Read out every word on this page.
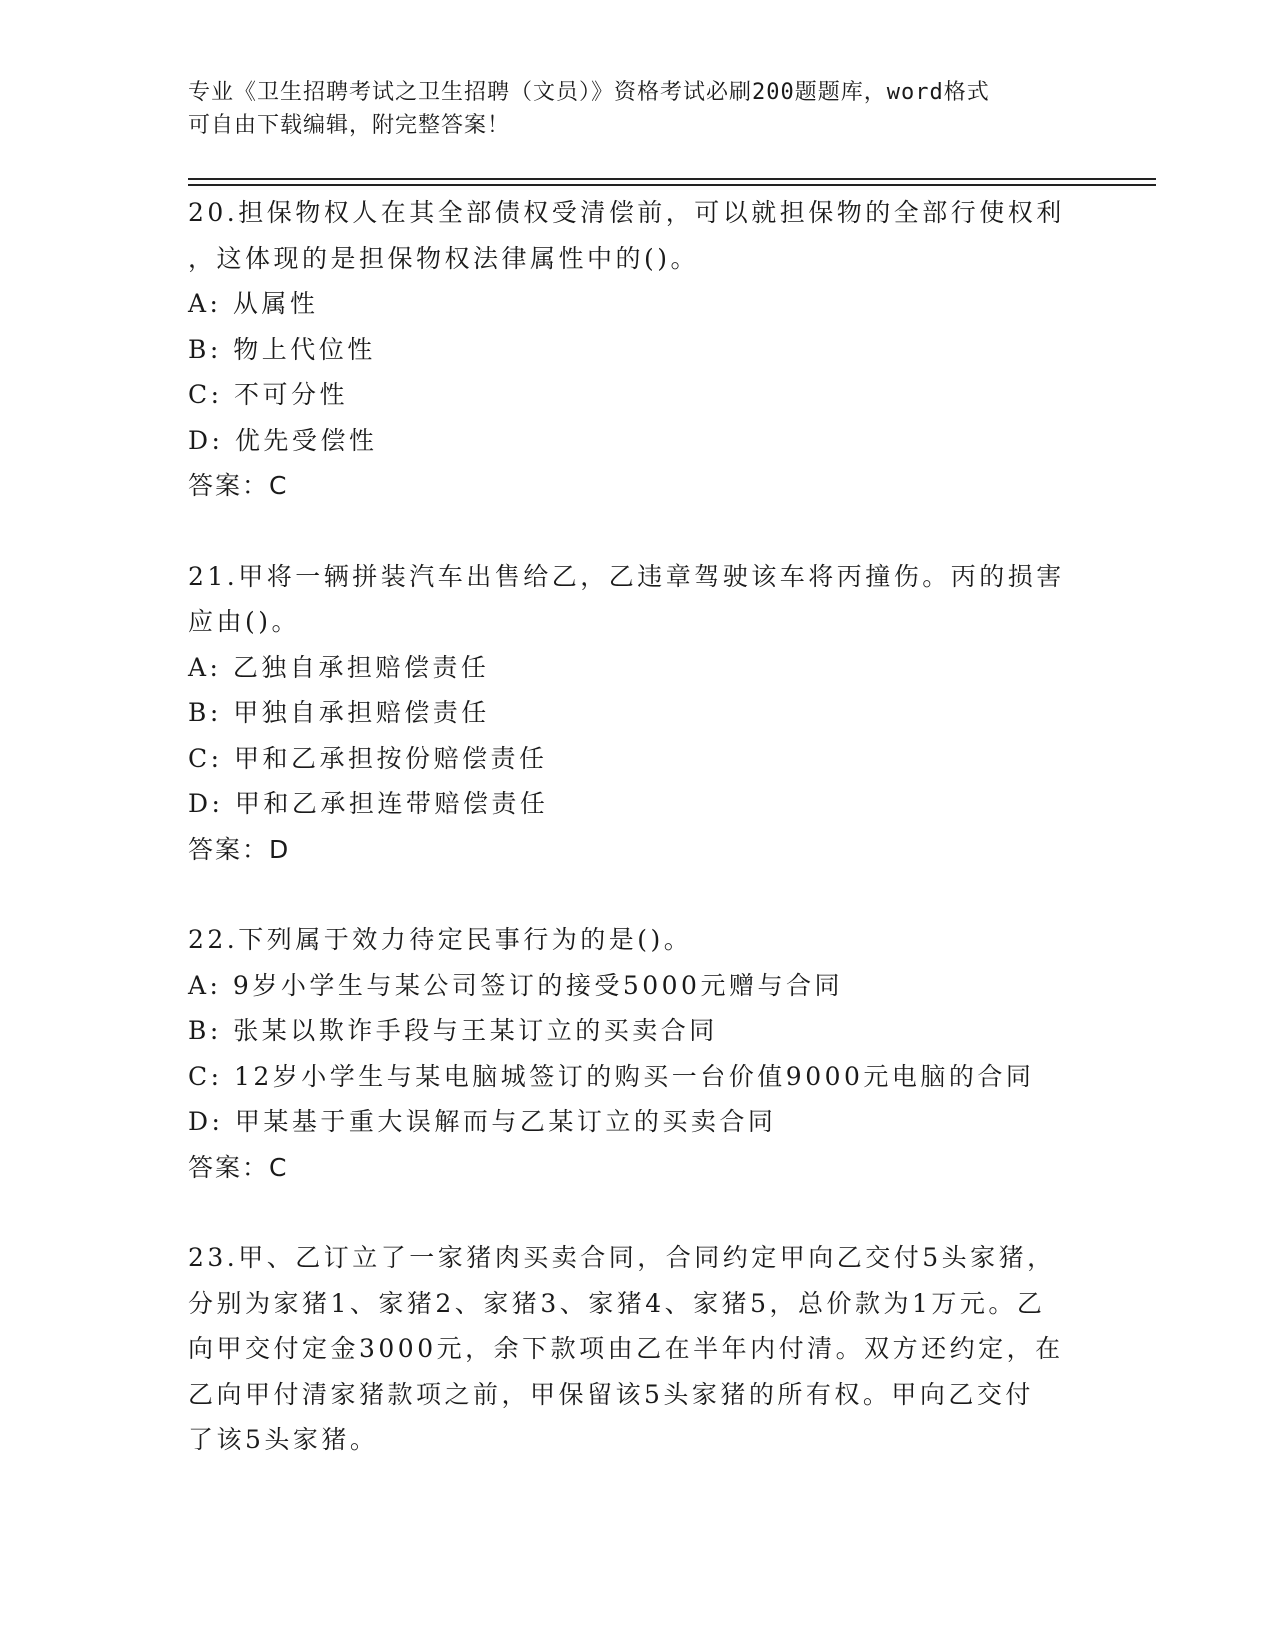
专业《卫生招聘考试之卫生招聘（文员）》资格考试必刷200题题库，word格式
可自由下载编辑，附完整答案！
20.担保物权人在其全部债权受清偿前，可以就担保物的全部行使权利
，这体现的是担保物权法律属性中的()。
A: 从属性
B: 物上代位性
C: 不可分性
D: 优先受偿性
答案：C
21.甲将一辆拼装汽车出售给乙，乙违章驾驶该车将丙撞伤。丙的损害
应由()。
A: 乙独自承担赔偿责任
B: 甲独自承担赔偿责任
C: 甲和乙承担按份赔偿责任
D: 甲和乙承担连带赔偿责任
答案：D
22.下列属于效力待定民事行为的是()。
A: 9岁小学生与某公司签订的接受5000元赠与合同
B: 张某以欺诈手段与王某订立的买卖合同
C: 12岁小学生与某电脑城签订的购买一台价值9000元电脑的合同
D: 甲某基于重大误解而与乙某订立的买卖合同
答案：C
23.甲、乙订立了一家猪肉买卖合同，合同约定甲向乙交付5头家猪，
分别为家猪1、家猪2、家猪3、家猪4、家猪5，总价款为1万元。乙
向甲交付定金3000元，余下款项由乙在半年内付清。双方还约定，在
乙向甲付清家猪款项之前，甲保留该5头家猪的所有权。甲向乙交付
了该5头家猪。
